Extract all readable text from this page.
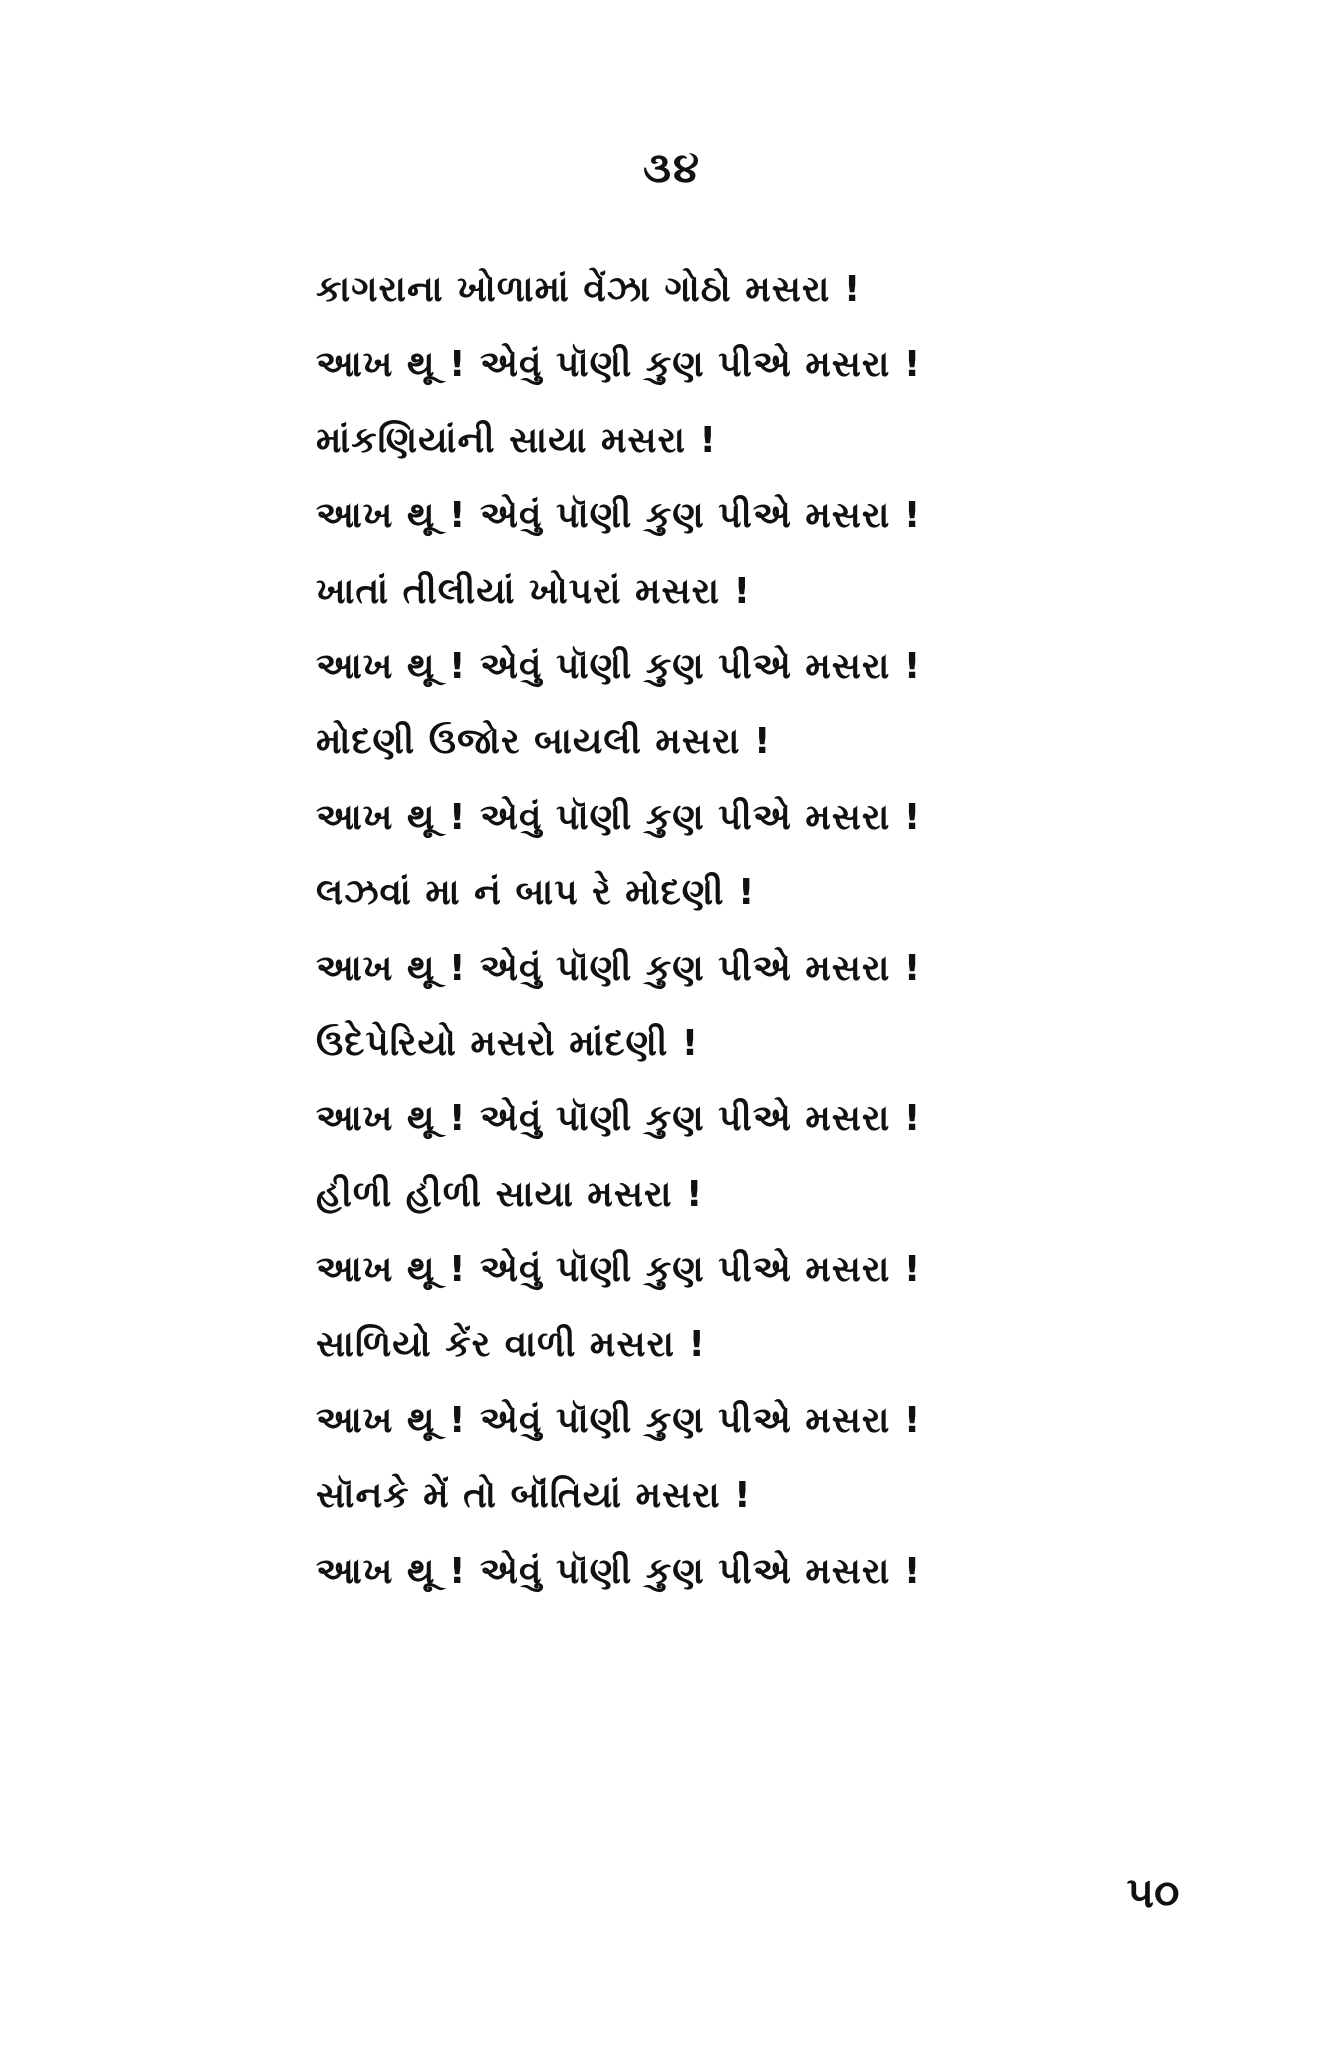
૩૪
કાગરાના ખોળામાં વેંઝા ગોઠો મસરા !
આખ થૂ ! એવું પૉણી કુણ પીએ મસરા !
માંકણિયાંની સાયા મસરા !
આખ થૂ ! એવું પૉણી કુણ પીએ મસરા !
ખાતાં તીલીયાં ખોપરાં મસરા !
આખ થૂ ! એવું પૉણી કુણ પીએ મસરા !
મોદણી ઉજોર બાયલી મસરા !
આખ થૂ ! એવું પૉણી કુણ પીએ મસરા !
લઝવાં મા નં બાપ રે મોદણી !
આખ થૂ ! એવું પૉણી કુણ પીએ મસરા !
ઉદેપેરિયો મસરો માંદણી !
આખ થૂ ! એવું પૉણી કુણ પીએ મસરા !
હીળી હીળી સાયા મસરા !
આખ થૂ ! એવું પૉણી કુણ પીએ મસરા !
સાળિયો કેંર વાળી મસરા !
આખ થૂ ! એવું પૉણી કુણ પીએ મસરા !
સૉનકે મેં તો બૉંતિયાં મસરા !
આખ થૂ ! એવું પૉણી કુણ પીએ મસરા !
૫૦
